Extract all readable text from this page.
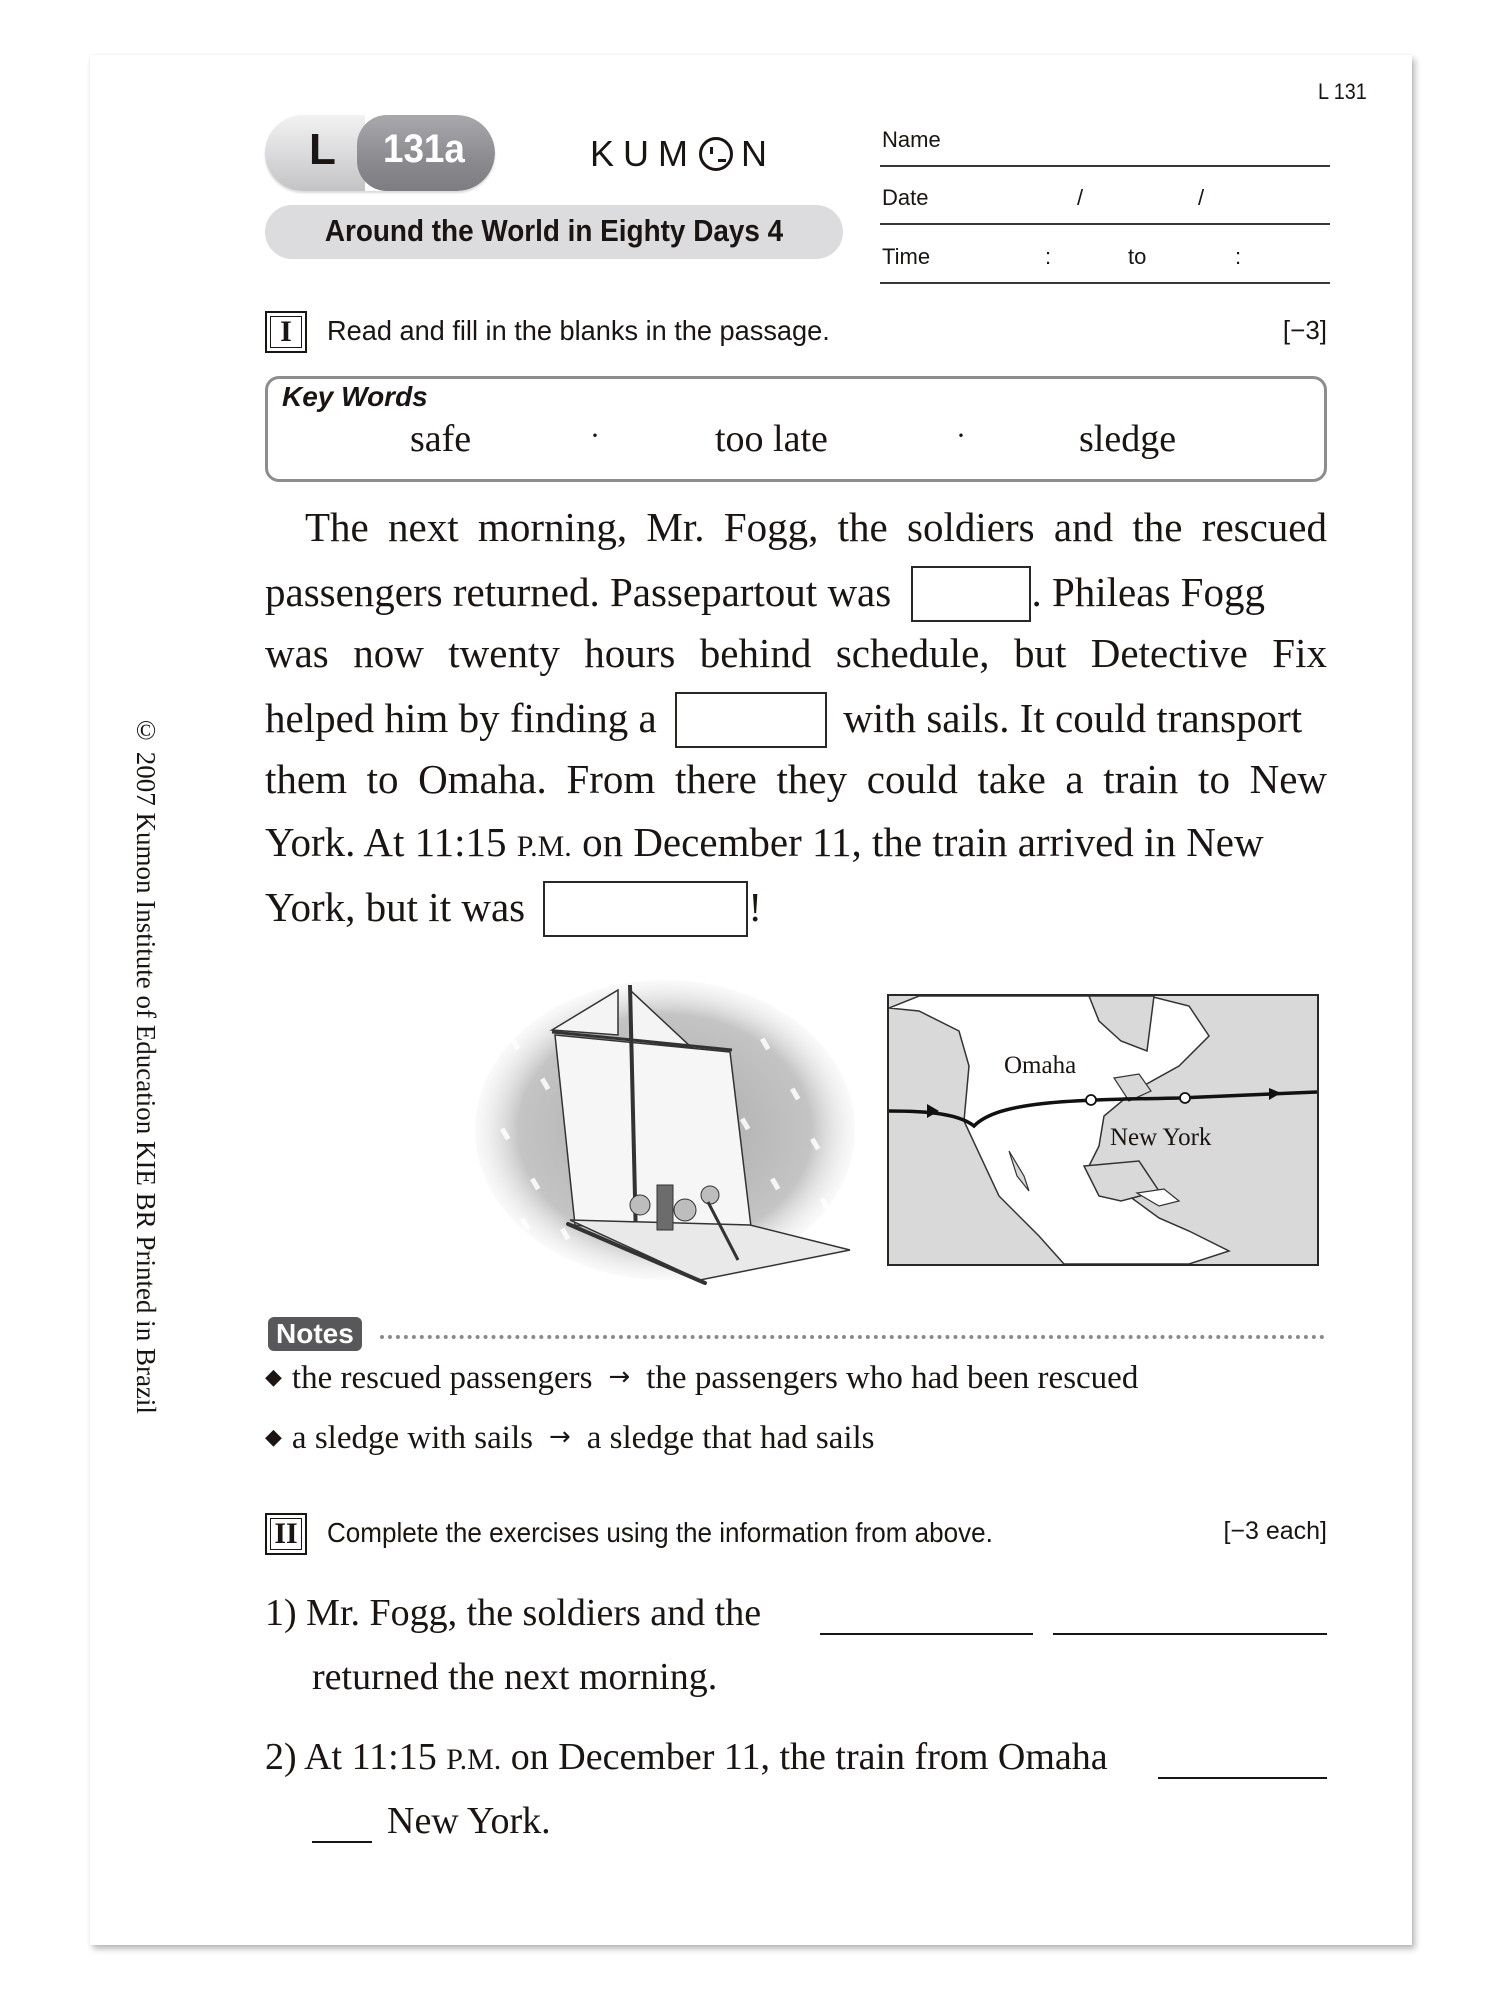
L 131
L 131a	KUM N
Around the World in Eighty Days 4
Name
Date	/	/
Time	:	to	:
I Read and fill in the blanks in the passage.	[−3]
Key Words
safe	·	too late	·	sledge
The next morning, Mr. Fogg, the soldiers and the rescued
passengers returned. Passepartout was	. Phileas Fogg
was now twenty hours behind schedule, but Detective Fix
helped him by finding a	with sails. It could transport
them to Omaha. From there they could take a train to New
York. At 11:15 P.M. on December 11, the train arrived in New
York, but it was	!
Omaha
New York
Notes
◆ the rescued passengers → the passengers who had been rescued
◆ a sledge with sails → a sledge that had sails
II Complete the exercises using the information from above.	[−3 each]
1) Mr. Fogg, the soldiers and the
returned the next morning.
2) At 11:15 P.M. on December 11, the train from Omaha
New York.
© 2007 Kumon Institute of Education KIE BR Printed in Brazil
